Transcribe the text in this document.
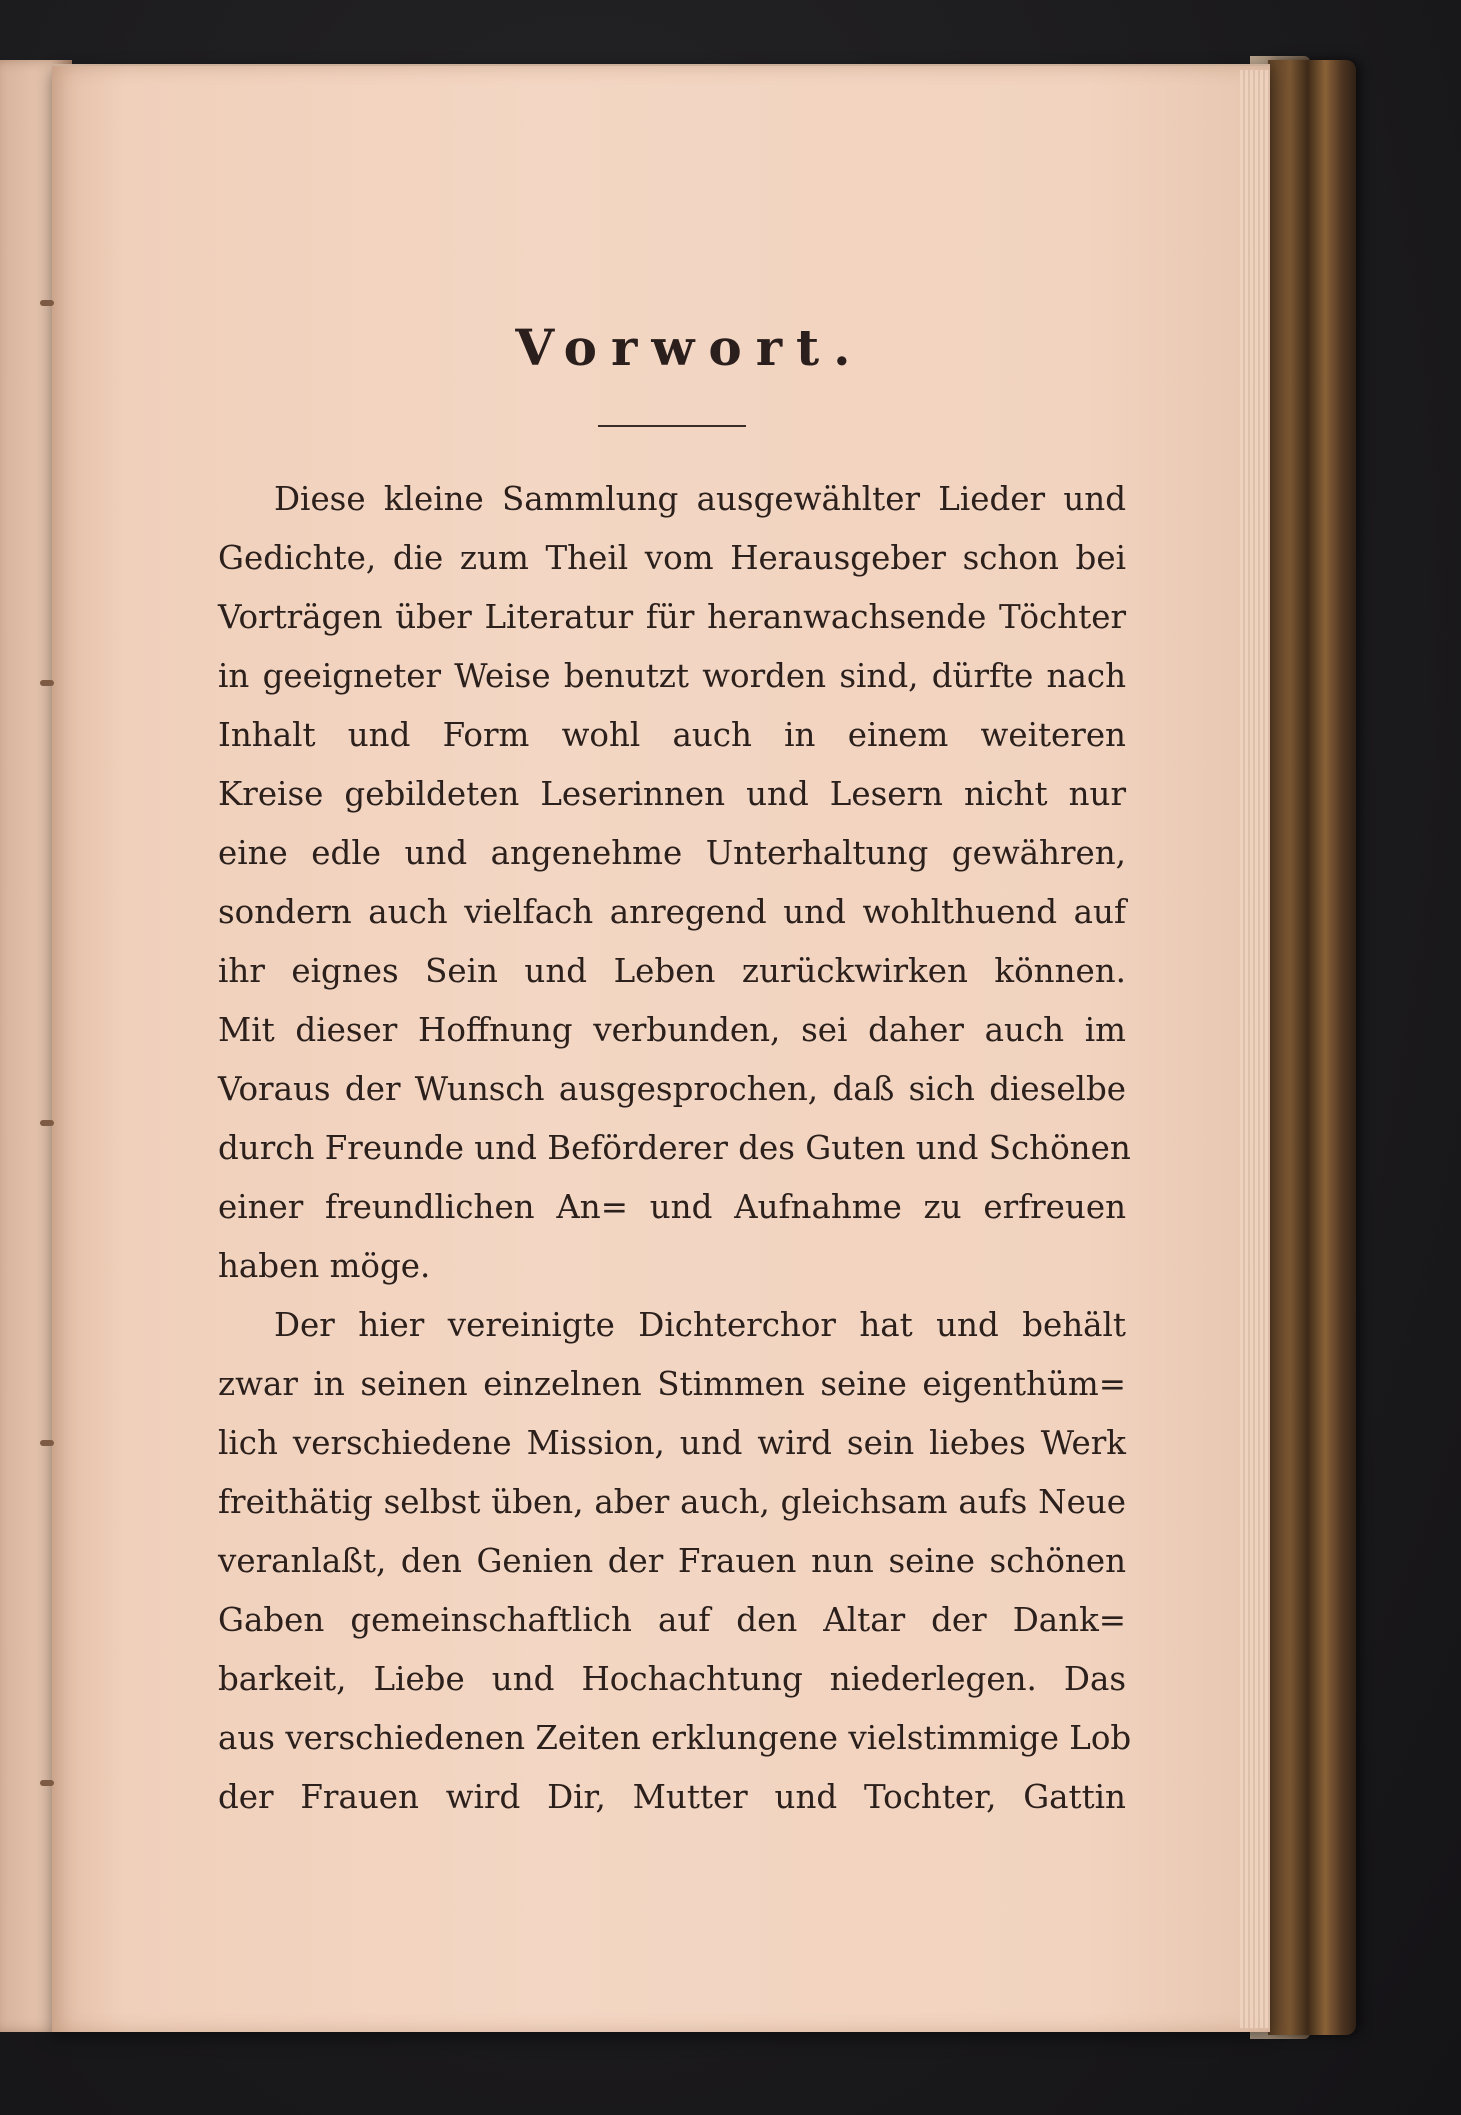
Vorwort.
Diese kleine Sammlung ausgewählter Lieder und
Gedichte, die zum Theil vom Herausgeber schon bei
Vorträgen über Literatur für heranwachsende Töchter
in geeigneter Weise benutzt worden sind, dürfte nach
Inhalt und Form wohl auch in einem weiteren
Kreise gebildeten Leserinnen und Lesern nicht nur
eine edle und angenehme Unterhaltung gewähren,
sondern auch vielfach anregend und wohlthuend auf
ihr eignes Sein und Leben zurückwirken können.
Mit dieser Hoffnung verbunden, sei daher auch im
Voraus der Wunsch ausgesprochen, daß sich dieselbe
durch Freunde und Beförderer des Guten und Schönen
einer freundlichen An= und Aufnahme zu erfreuen
haben möge.
Der hier vereinigte Dichterchor hat und behält
zwar in seinen einzelnen Stimmen seine eigenthüm=
lich verschiedene Mission, und wird sein liebes Werk
freithätig selbst üben, aber auch, gleichsam aufs Neue
veranlaßt, den Genien der Frauen nun seine schönen
Gaben gemeinschaftlich auf den Altar der Dank=
barkeit, Liebe und Hochachtung niederlegen. Das
aus verschiedenen Zeiten erklungene vielstimmige Lob
der Frauen wird Dir, Mutter und Tochter, Gattin
